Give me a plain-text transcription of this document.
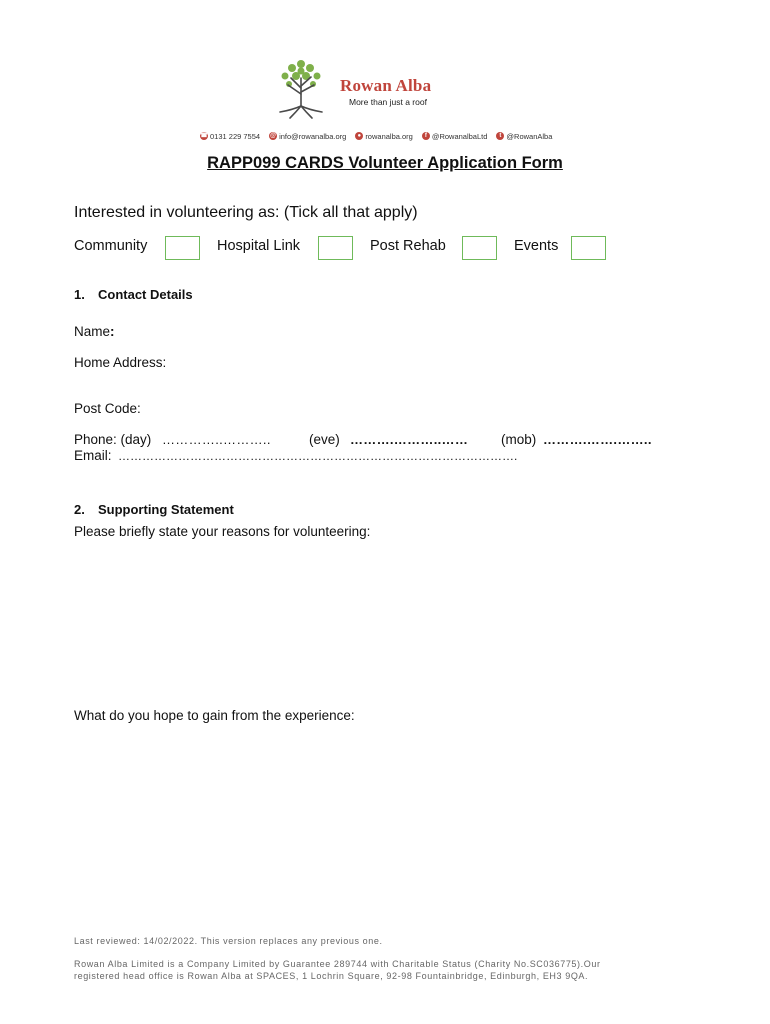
Rowan Alba
More than just a roof
☎ 0131 229 7554 @ info@rowanalba.org	● rowanalba.org	f @RowanalbaLtd	t @RowanAlba
RAPP099 CARDS Volunteer Application Form
Interested in volunteering as: (Tick all that apply)
Community	Hospital Link	Post Rehab	Events
1. Contact Details
Name:
Home Address:
Post Code:
Phone: (day) …………..………..	(eve) ……….………..…… (mob) ……….…….……..
Email: ……………………………………………………………………………………….
2. Supporting Statement
Please briefly state your reasons for volunteering:
What do you hope to gain from the experience:
Last reviewed: 14/02/2022. This version replaces any previous one.
Rowan Alba Limited is a Company Limited by Guarantee 289744 with Charitable Status (Charity No.SC036775).Our
registered head office is Rowan Alba at SPACES, 1 Lochrin Square, 92-98 Fountainbridge, Edinburgh, EH3 9QA.
